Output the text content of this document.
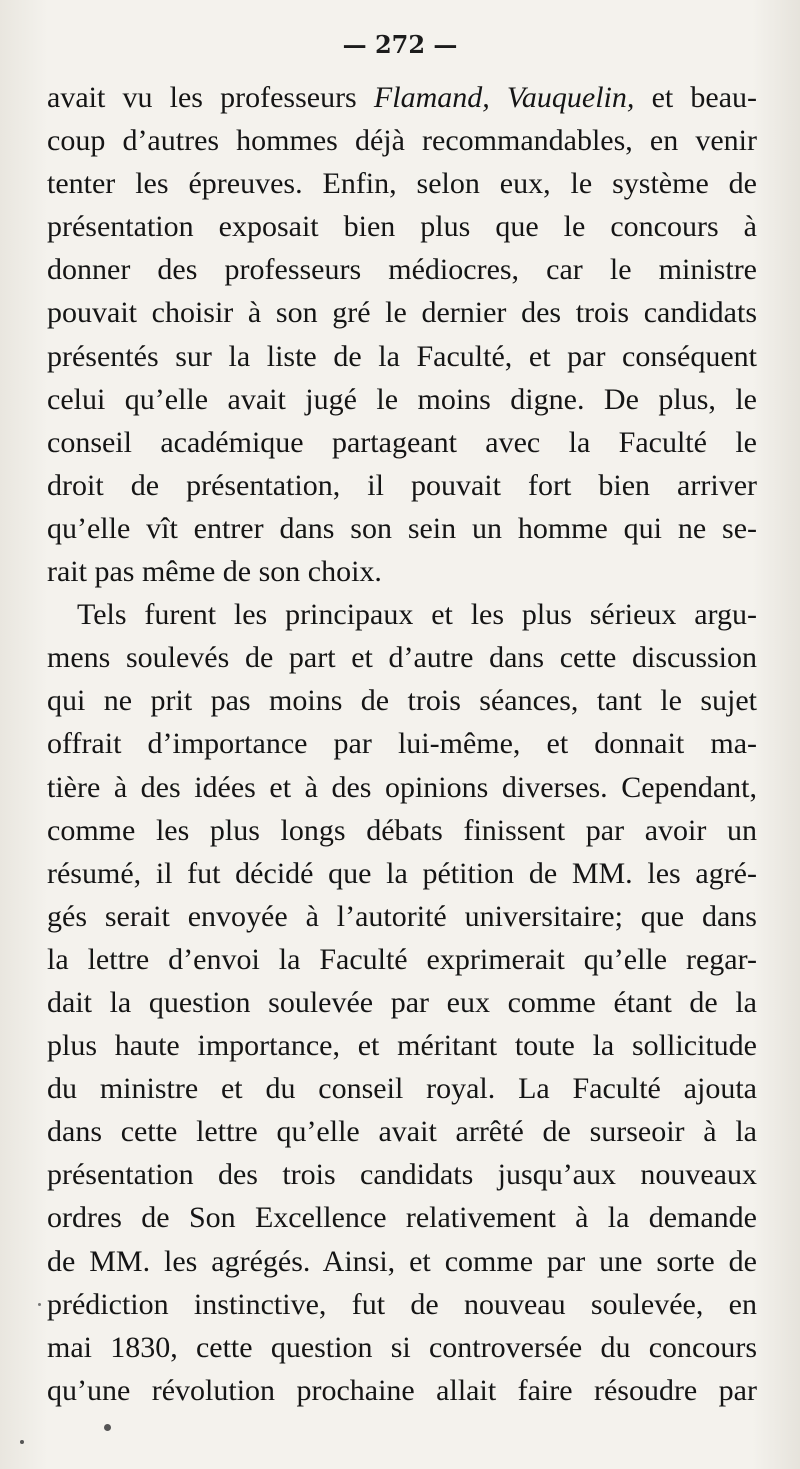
— 272 —
avait vu les professeurs Flamand, Vauquelin, et beau-
coup d’autres hommes déjà recommandables, en venir
tenter les épreuves. Enfin, selon eux, le système de
présentation exposait bien plus que le concours à
donner des professeurs médiocres, car le ministre
pouvait choisir à son gré le dernier des trois candidats
présentés sur la liste de la Faculté, et par conséquent
celui qu’elle avait jugé le moins digne. De plus, le
conseil académique partageant avec la Faculté le
droit de présentation, il pouvait fort bien arriver
qu’elle vît entrer dans son sein un homme qui ne se-
rait pas même de son choix.
Tels furent les principaux et les plus sérieux argu-
mens soulevés de part et d’autre dans cette discussion
qui ne prit pas moins de trois séances, tant le sujet
offrait d’importance par lui-même, et donnait ma-
tière à des idées et à des opinions diverses. Cependant,
comme les plus longs débats finissent par avoir un
résumé, il fut décidé que la pétition de MM. les agré-
gés serait envoyée à l’autorité universitaire; que dans
la lettre d’envoi la Faculté exprimerait qu’elle regar-
dait la question soulevée par eux comme étant de la
plus haute importance, et méritant toute la sollicitude
du ministre et du conseil royal. La Faculté ajouta
dans cette lettre qu’elle avait arrêté de surseoir à la
présentation des trois candidats jusqu’aux nouveaux
ordres de Son Excellence relativement à la demande
de MM. les agrégés. Ainsi, et comme par une sorte de
prédiction instinctive, fut de nouveau soulevée, en
mai 1830, cette question si controversée du concours
qu’une révolution prochaine allait faire résoudre par
